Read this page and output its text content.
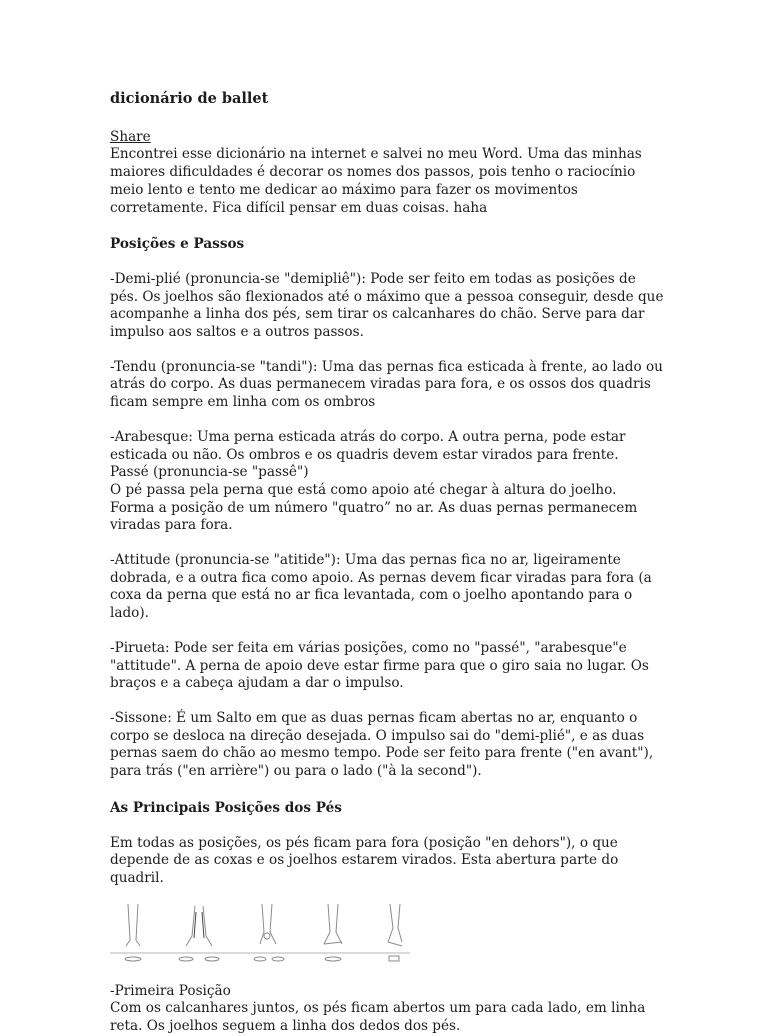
dicionário de ballet
Share

Encontrei esse dicionário na internet e salvei no meu Word. Uma das minhas maiores dificuldades é decorar os nomes dos passos, pois tenho o raciocínio meio lento e tento me dedicar ao máximo para fazer os movimentos corretamente. Fica difícil pensar em duas coisas. haha

Posições e Passos

-Demi-plié (pronuncia-se "demipliê"): Pode ser feito em todas as posições de pés. Os joelhos são flexionados até o máximo que a pessoa conseguir, desde que acompanhe a linha dos pés, sem tirar os calcanhares do chão. Serve para dar impulso aos saltos e a outros passos.

-Tendu (pronuncia-se "tandi"): Uma das pernas fica esticada à frente, ao lado ou atrás do corpo. As duas permanecem viradas para fora, e os ossos dos quadris ficam sempre em linha com os ombros

-Arabesque: Uma perna esticada atrás do corpo. A outra perna, pode estar esticada ou não. Os ombros e os quadris devem estar virados para frente.

Passé (pronuncia-se "passê")

O pé passa pela perna que está como apoio até chegar à altura do joelho. Forma a posição de um número "quatro” no ar. As duas pernas permanecem viradas para fora.

-Attitude (pronuncia-se "atitide"): Uma das pernas fica no ar, ligeiramente dobrada, e a outra fica como apoio. As pernas devem ficar viradas para fora (a coxa da perna que está no ar fica levantada, com o joelho apontando para o lado).

-Pirueta: Pode ser feita em várias posições, como no "passé", "arabesque"e "attitude". A perna de apoio deve estar firme para que o giro saia no lugar. Os braços e a cabeça ajudam a dar o impulso.

-Sissone: É um Salto em que as duas pernas ficam abertas no ar, enquanto o corpo se desloca na direção desejada. O impulso sai do "demi-plié", e as duas pernas saem do chão ao mesmo tempo. Pode ser feito para frente ("en avant"), para trás ("en arrière") ou para o lado ("à la second").

As Principais Posições dos Pés

Em todas as posições, os pés ficam para fora (posição "en dehors"), o que depende de as coxas e os joelhos estarem virados. Esta abertura parte do quadril.

-Primeira Posição

Com os calcanhares juntos, os pés ficam abertos um para cada lado, em linha reta. Os joelhos seguem a linha dos dedos dos pés.
